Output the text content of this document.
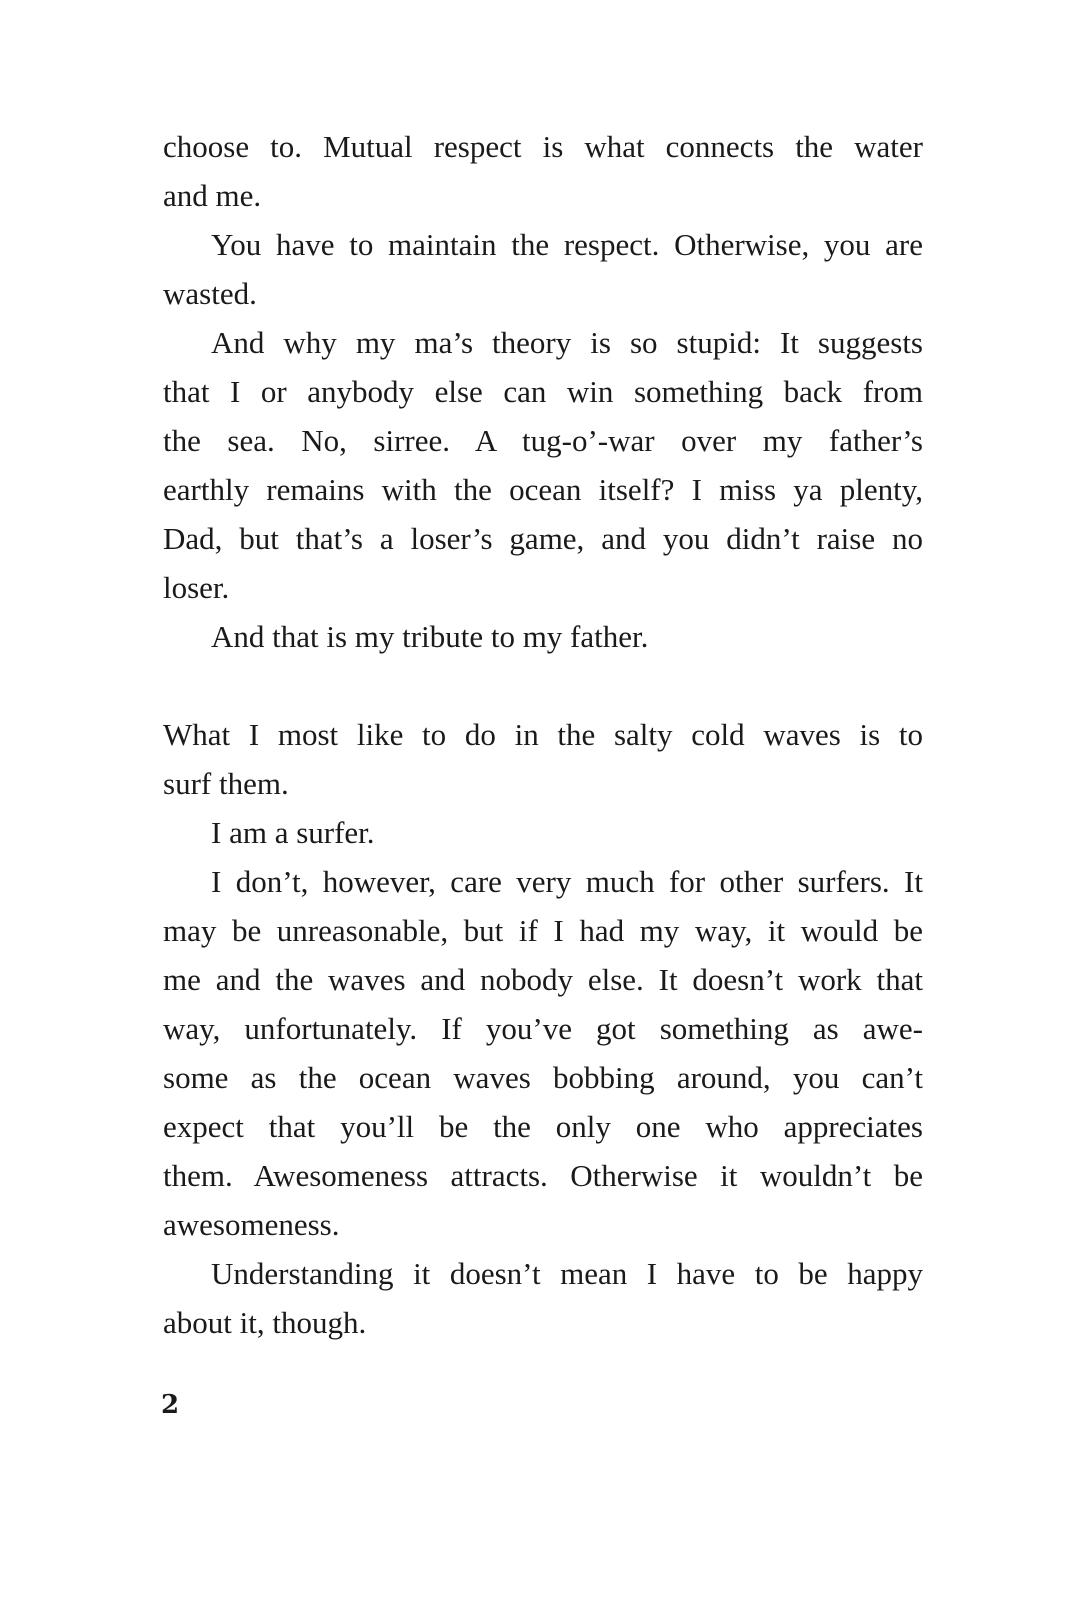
choose to. Mutual respect is what connects the water
and me.
You have to maintain the respect. Otherwise, you are
wasted.
And why my ma’s theory is so stupid: It suggests
that I or anybody else can win something back from
the sea. No, sirree. A tug-o’-war over my father’s
earthly remains with the ocean itself? I miss ya plenty,
Dad, but that’s a loser’s game, and you didn’t raise no
loser.
And that is my tribute to my father.
What I most like to do in the salty cold waves is to
surf them.
I am a surfer.
I don’t, however, care very much for other surfers. It
may be unreasonable, but if I had my way, it would be
me and the waves and nobody else. It doesn’t work that
way, unfortunately. If you’ve got something as awe-
some as the ocean waves bobbing around, you can’t
expect that you’ll be the only one who appreciates
them. Awesomeness attracts. Otherwise it wouldn’t be
awesomeness.
Understanding it doesn’t mean I have to be happy
about it, though.
2
